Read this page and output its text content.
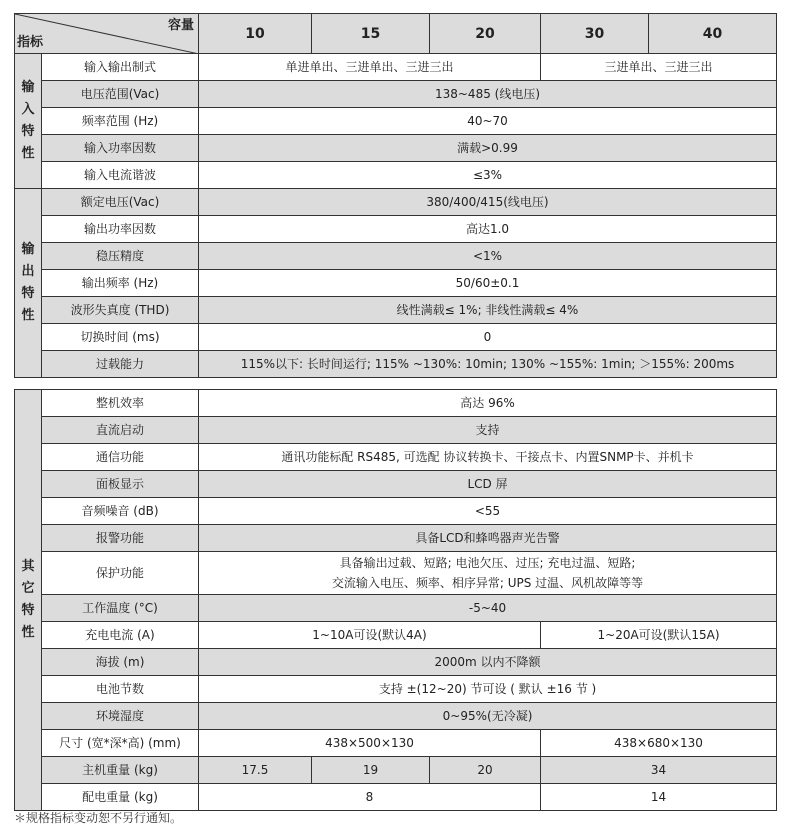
容量
指标		10	15	20	30	40
输
入
特
性	输入输出制式	单进单出、三进单出、三进三出			三进单出、三进三出	
	电压范围(Vac)	138~485 (线电压)				
	频率范围 (Hz)	40~70				
	输入功率因数	满载>0.99				
	输入电流谐波	≤3%				
输
出
特
性	额定电压(Vac)	380/400/415(线电压)				
	输出功率因数	高达1.0				
	稳压精度	<1%				
	输出频率 (Hz)	50/60±0.1				
	波形失真度 (THD)	线性满载≤ 1%; 非线性满载≤ 4%				
	切换时间 (ms)	0				
	过载能力	115%以下: 长时间运行; 115% ~130%: 10min; 130% ~155%: 1min; ＞155%: 200ms				
其
它
特
性	整机效率	高达 96%			
	直流启动	支持			
	通信功能	通讯功能标配 RS485, 可选配 协议转换卡、干接点卡、内置SNMP卡、并机卡			
	面板显示	LCD 屏			
	音频噪音 (dB)	<55			
	报警功能	具备LCD和蜂鸣器声光告警			
	保护功能	具备输出过载、短路; 电池欠压、过压; 充电过温、短路;
交流输入电压、频率、相序异常; UPS 过温、风机故障等等			

	工作温度 (°C)	-5~40			
	充电电流 (A)	1~10A可设(默认4A)			1~20A可设(默认15A)
	海拔 (m)	2000m 以内不降额			
	电池节数	支持 ±(12~20) 节可设 ( 默认 ±16 节 )			
	环境湿度	0~95%(无冷凝)			
	尺寸 (宽*深*高) (mm)	438×500×130			438×680×130
	主机重量 (kg)	17.5	19	20	34
	配电重量 (kg)	8			14
＊规格指标变动恕不另行通知。
